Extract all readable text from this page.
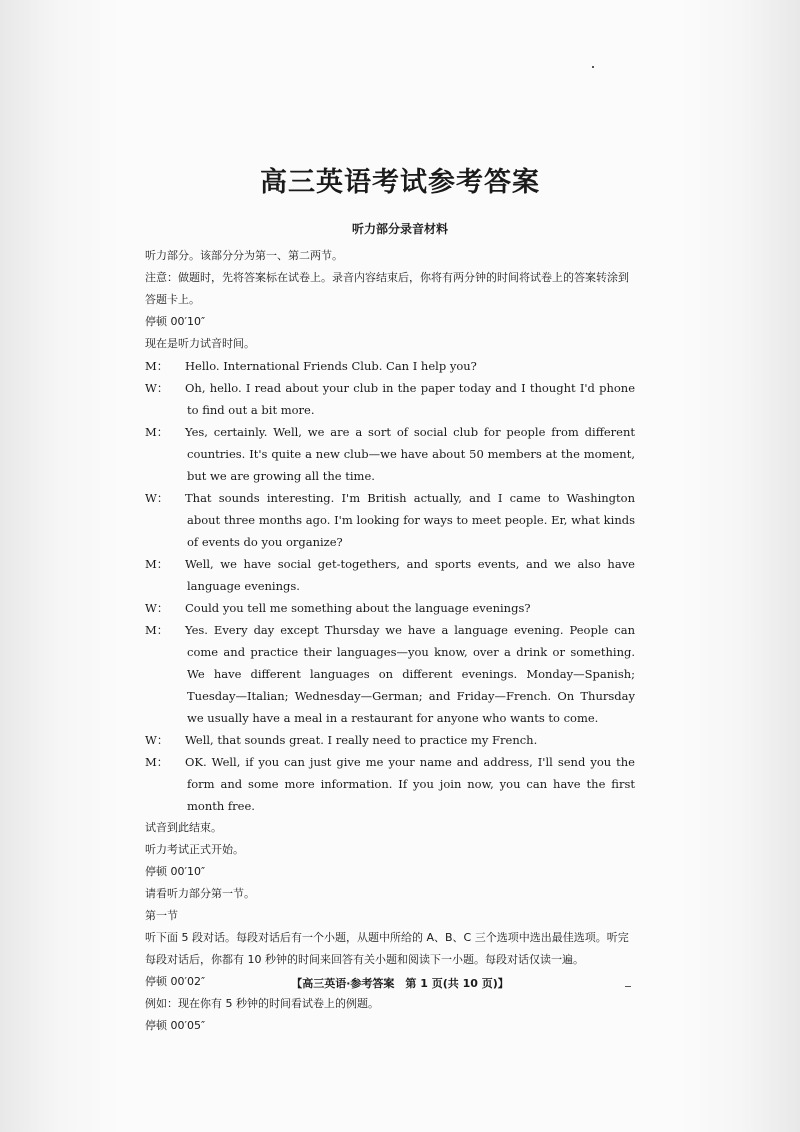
高三英语考试参考答案
听力部分录音材料

听力部分。该部分分为第一、第二两节。

注意：做题时，先将答案标在试卷上。录音内容结束后，你将有两分钟的时间将试卷上的答案转涂到答题卡上。

停顿 00′10″

现在是听力试音时间。

M： Hello. International Friends Club. Can I help you?

W： Oh, hello. I read about your club in the paper today and I thought I'd phone to find out a bit more.

M： Yes, certainly. Well, we are a sort of social club for people from different countries. It's quite a new club—we have about 50 members at the moment, but we are growing all the time.

W： That sounds interesting. I'm British actually, and I came to Washington about three months ago. I'm looking for ways to meet people. Er, what kinds of events do you organize?

M： Well, we have social get-togethers, and sports events, and we also have language evenings.

W： Could you tell me something about the language evenings?

M： Yes. Every day except Thursday we have a language evening. People can come and practice their languages—you know, over a drink or something. We have different languages on different evenings. Monday—Spanish; Tuesday—Italian; Wednesday—German; and Friday—French. On Thursday we usually have a meal in a restaurant for anyone who wants to come.

W： Well, that sounds great. I really need to practice my French.

M： OK. Well, if you can just give me your name and address, I'll send you the form and some more information. If you join now, you can have the first month free.

试音到此结束。

听力考试正式开始。

停顿 00′10″

请看听力部分第一节。

第一节

听下面 5 段对话。每段对话后有一个小题，从题中所给的 A、B、C 三个选项中选出最佳选项。听完每段对话后，你都有 10 秒钟的时间来回答有关小题和阅读下一小题。每段对话仅读一遍。

停顿 00′02″

例如：现在你有 5 秒钟的时间看试卷上的例题。

停顿 00′05″

【高三英语·参考答案　第 1 页(共 10 页)】
